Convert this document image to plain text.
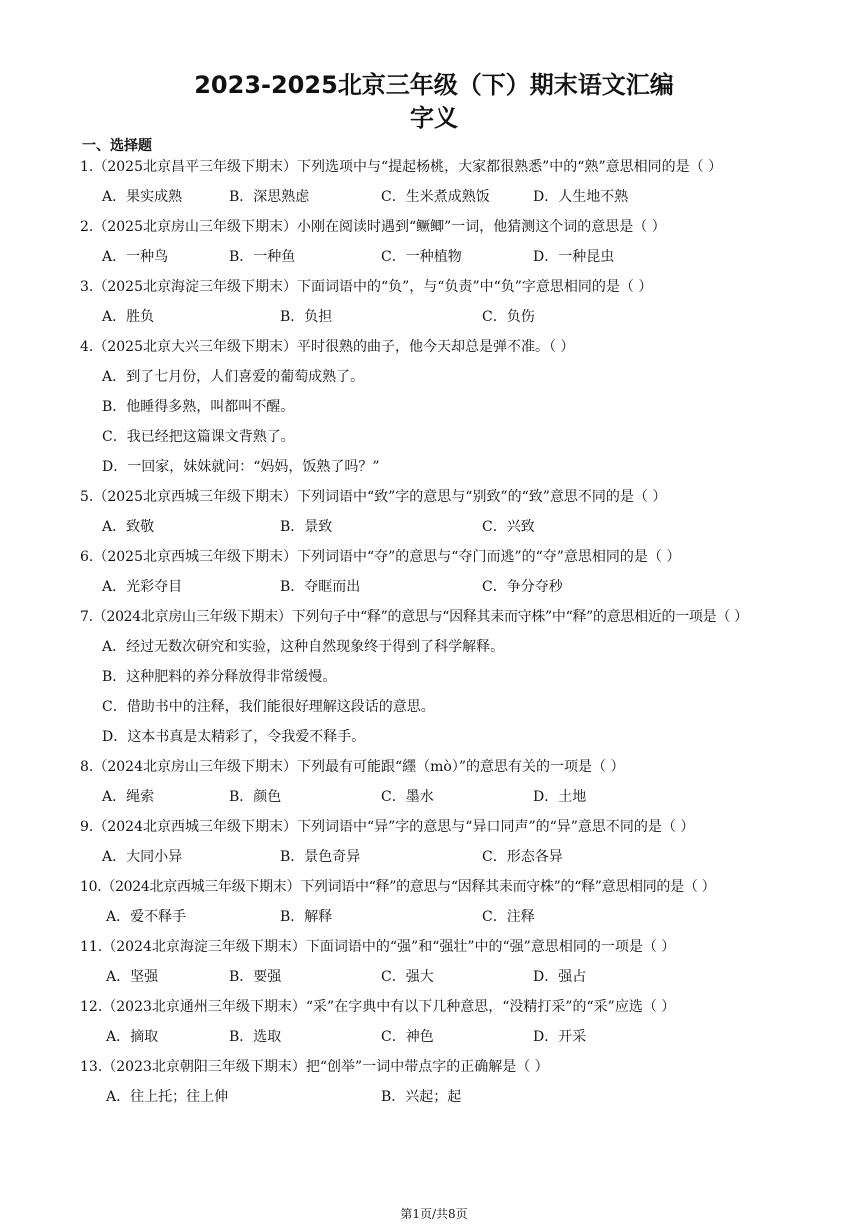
2023-2025北京三年级（下）期末语文汇编
字义
一、选择题
1.（2025北京昌平三年级下期末）下列选项中与“提起杨桃，大家都很熟悉”中的“熟”意思相同的是（ ）
A．果实成熟	B．深思熟虑	C．生米煮成熟饭	D．人生地不熟
2.（2025北京房山三年级下期末）小刚在阅读时遇到“鳜鲫”一词，他猜测这个词的意思是（ ）
A．一种鸟	B．一种鱼	C．一种植物	D．一种昆虫
3.（2025北京海淀三年级下期末）下面词语中的“负”，与“负责”中“负”字意思相同的是（ ）
A．胜负	B．负担	C．负伤
4.（2025北京大兴三年级下期末）平时很熟的曲子，他今天却总是弹不准。（ ）
A．到了七月份，人们喜爱的葡萄成熟了。
B．他睡得多熟，叫都叫不醒。
C．我已经把这篇课文背熟了。
D．一回家，妹妹就问：“妈妈，饭熟了吗？”
5.（2025北京西城三年级下期末）下列词语中“致”字的意思与“别致”的“致”意思不同的是（ ）
A．致敬	B．景致	C．兴致
6.（2025北京西城三年级下期末）下列词语中“夺”的意思与“夺门而逃”的“夺”意思相同的是（ ）
A．光彩夺目	B．夺眶而出	C．争分夺秒
7.（2024北京房山三年级下期末）下列句子中“释”的意思与“因释其耒而守株”中“释”的意思相近的一项是（ ）
A．经过无数次研究和实验，这种自然现象终于得到了科学解释。
B．这种肥料的养分释放得非常缓慢。
C．借助书中的注释，我们能很好理解这段话的意思。
D．这本书真是太精彩了，令我爱不释手。
8.（2024北京房山三年级下期末）下列最有可能跟“纆（mò）”的意思有关的一项是（ ）
A．绳索	B．颜色	C．墨水	D．土地
9.（2024北京西城三年级下期末）下列词语中“异”字的意思与“异口同声”的“异”意思不同的是（ ）
A．大同小异	B．景色奇异	C．形态各异
10.（2024北京西城三年级下期末）下列词语中“释”的意思与“因释其耒而守株”的“释”意思相同的是（ ）
A．爱不释手	B．解释	C．注释
11.（2024北京海淀三年级下期末）下面词语中的“强”和“强壮”中的“强”意思相同的一项是（ ）
A．坚强	B．要强	C．强大	D．强占
12.（2023北京通州三年级下期末）“采”在字典中有以下几种意思，“没精打采”的“采”应选（ ）
A．摘取	B．选取	C．神色	D．开采
13.（2023北京朝阳三年级下期末）把“创举”一词中带点字的正确解是（ ）
A．往上托；往上伸	B．兴起；起
第1页/共8页
